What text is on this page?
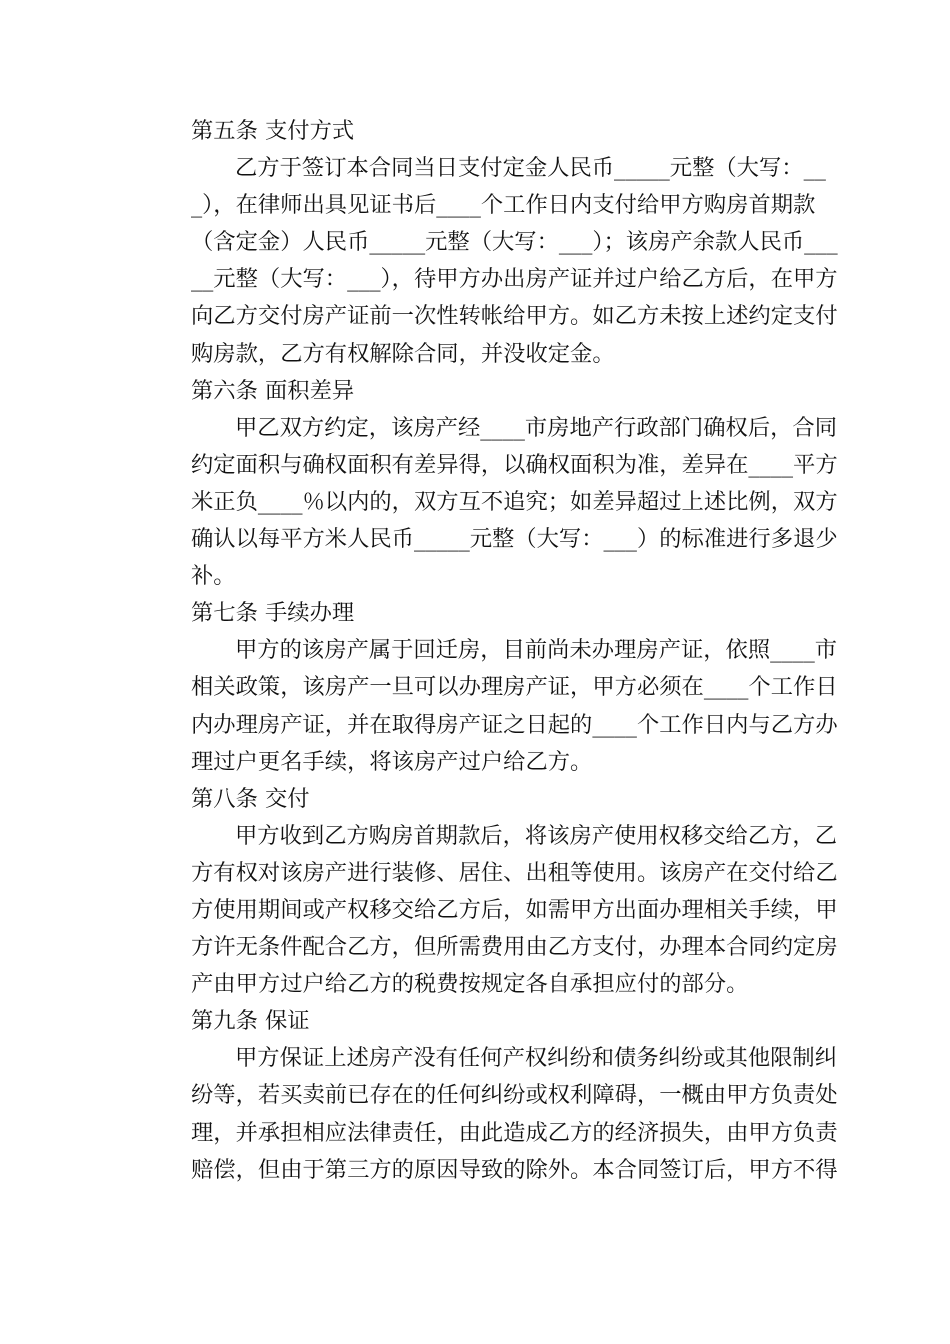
第五条 支付方式
乙方于签订本合同当日支付定金人民币_____元整（大写：__
_），在律师出具见证书后____个工作日内支付给甲方购房首期款
（含定金）人民币_____元整（大写：___）；该房产余款人民币___
__元整（大写：___），待甲方办出房产证并过户给乙方后，在甲方
向乙方交付房产证前一次性转帐给甲方。如乙方未按上述约定支付
购房款，乙方有权解除合同，并没收定金。
第六条 面积差异
甲乙双方约定，该房产经____市房地产行政部门确权后，合同
约定面积与确权面积有差异得，以确权面积为准，差异在____平方
米正负____％以内的，双方互不追究；如差异超过上述比例，双方
确认以每平方米人民币_____元整（大写：___）的标准进行多退少
补。
第七条 手续办理
甲方的该房产属于回迁房，目前尚未办理房产证，依照____市
相关政策，该房产一旦可以办理房产证，甲方必须在____个工作日
内办理房产证，并在取得房产证之日起的____个工作日内与乙方办
理过户更名手续，将该房产过户给乙方。
第八条 交付
甲方收到乙方购房首期款后，将该房产使用权移交给乙方，乙
方有权对该房产进行装修、居住、出租等使用。该房产在交付给乙
方使用期间或产权移交给乙方后，如需甲方出面办理相关手续，甲
方许无条件配合乙方，但所需费用由乙方支付，办理本合同约定房
产由甲方过户给乙方的税费按规定各自承担应付的部分。
第九条 保证
甲方保证上述房产没有任何产权纠纷和债务纠纷或其他限制纠
纷等，若买卖前已存在的任何纠纷或权利障碍，一概由甲方负责处
理，并承担相应法律责任，由此造成乙方的经济损失，由甲方负责
赔偿，但由于第三方的原因导致的除外。本合同签订后，甲方不得
